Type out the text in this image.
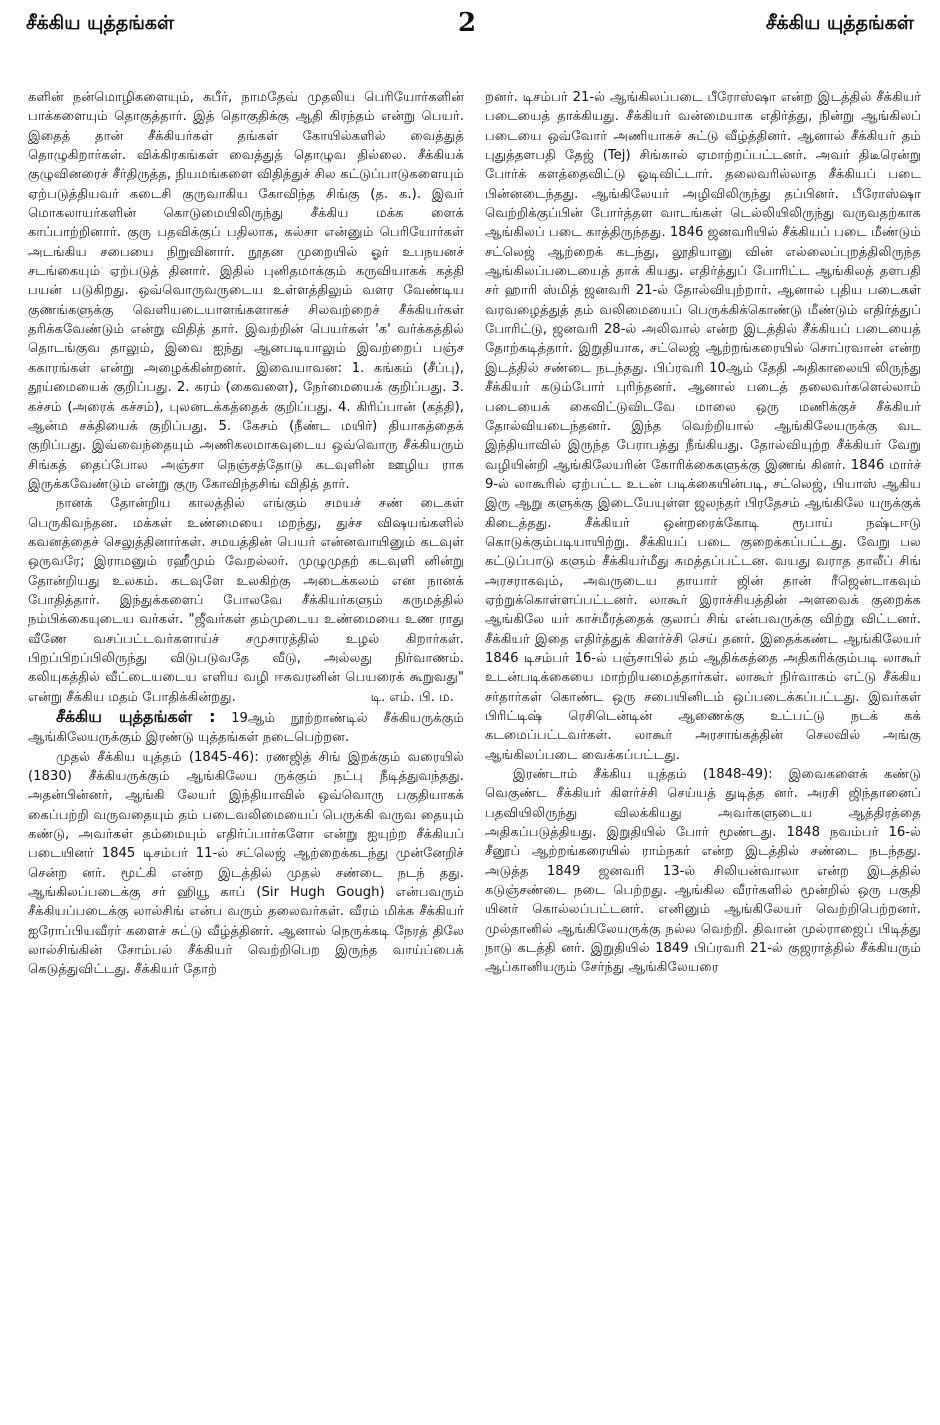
சீக்கிய யுத்தங்கள்	2	சீக்கிய யுத்தங்கள்

களின் நன்மொழிகளையும், கபீர், நாமதேவ் முதலிய பெரியோர்களின் பாக்களையும் தொகுத்தார். இத் தொகுதிக்கு ஆதி கிரந்தம் என்று பெயர். இதைத் தான் சீக்கியர்கள் தங்கள் கோயில்களில் வைத்துத் தொழுகிறார்கள். விக்கிரகங்கள் வைத்துத் தொழுவ தில்லை. சீக்கியக் குழுவினரைச் சீர்திருத்த, நியமங்களை விதித்துச் சில கட்டுப்பாடுகளையும் ஏற்படுத்தியவர் கடைசி குருவாகிய கோவிந்த சிங்கு (த. க.). இவர் மொகலாயர்களின் கொடுமையிலிருந்து சீக்கிய மக்க ளைக் காப்பாற்றினார். குரு பதவிக்குப் பதிலாக, கல்சா என்னும் பெரியோர்கள் அடங்கிய சபையை நிறுவினார். நூதன முறையில் ஓர் உபநயனச் சடங்கையும் ஏற்படுத் தினார். இதில் புனிதமாக்கும் கருவியாகக் கத்தி பயன் படுகிறது. ஒவ்வொருவருடைய உள்ளத்திலும் வளர வேண்டிய குணங்களுக்கு வெளியடையாளங்களாகச் சிலவற்றைச் சீக்கியர்கள் தரிக்கவேண்டும் என்று விதித் தார். இவற்றின் பெயர்கள் 'க' வர்க்கத்தில் தொடங்குவ தாலும், இவை ஐந்து ஆனபடியாலும் இவற்றைப் பஞ்ச ககாரங்கள் என்று அழைக்கின்றனர். இவையாவன: 1. கங்கம் (சீப்பு), தூய்மையைக் குறிப்பது. 2. கரம் (கைவளை), நேர்மையைக் குறிப்பது. 3. கச்சம் (அரைக் கச்சம்), புலனடக்கத்தைக் குறிப்பது. 4. கிரிப்பான் (கத்தி), ஆன்ம சக்தியைக் குறிப்பது. 5. கேசம் (நீண்ட மயிர்) தியாகத்தைக் குறிப்பது. இவ்வைந்தையும் அணிகலமாகவுடைய ஒவ்வொரு சீக்கியரும் சிங்கத் தைப்போல அஞ்சா நெஞ்சத்தோடு கடவுளின் ஊழிய ராக இருக்கவேண்டும் என்று குரு கோவிந்தசிங் விதித் தார்.

நானக் தோன்றிய காலத்தில் எங்கும் சமயச் சண் டைகள் பெருகிவந்தன. மக்கள் உண்மையை மறந்து, துச்ச விஷயங்களில் கவனத்தைச் செலுத்தினார்கள். சமயத்தின் பெயர் என்னவாயினும் கடவுள் ஒருவரே; இராமனும் ரஹீமும் வேறல்லர். முழுமுதற் கடவுளி னின்று தோன்றியது உலகம். கடவுளே உலகிற்கு அடைக்கலம் என நானக் போதித்தார். இந்துக்களைப் போலவே சீக்கியர்களும் கருமத்தில் நம்பிக்கையுடைய வர்கள். "ஜீவர்கள் தம்முடைய உண்மையை உண ராது வீணே வசப்பட்டவர்களாய்ச் சமுசாரத்தில் உழல் கிறார்கள். பிறப்பிறப்பிலிருந்து விடுபடுவதே வீடு, அல்லது நிர்வாணம். கலியுகத்தில் வீட்டையடைய எளிய வழி ஈசுவரனின் பெயரைக் கூறுவது" என்று சீக்கிய மதம் போதிக்கின்றது.	டி. எம். பி. ம.

சீக்கிய யுத்தங்கள் : 19ஆம் நூற்றாண்டில் சீக்கியருக்கும் ஆங்கிலேயருக்கும் இரண்டு யுத்தங்கள் நடைபெற்றன.

முதல் சீக்கிய யுத்தம் (1845-46): ரணஜித் சிங் இறக்கும் வரையில் (1830) சீக்கியருக்கும் ஆங்கிலேய ருக்கும் நட்பு நீடித்துவந்தது. அதன்பின்னர், ஆங்கி லேயர் இந்தியாவில் ஒவ்வொரு பகுதியாகக் கைப்பற்றி வருவதையும் தம் படைவலிமையைப் பெருக்கி வருவ தையும் கண்டு, அவர்கள் தம்மையும் எதிர்ப்பார்களோ என்று ஐயுற்ற சீக்கியப் படையினர் 1845 டிசம்பர் 11-ல் சட்லெஜ் ஆற்றைக்கடந்து முன்னேறிச் சென்ற னர். மூட்கி என்ற இடத்தில் முதல் சண்டை நடந் தது. ஆங்கிலப்படைக்கு சர் ஹியூ காப் (Sir Hugh Gough) என்பவரும் சீக்கியப்படைக்கு லால்சிங் என்ப வரும் தலைவர்கள். வீரம் மிக்க சீக்கியர் ஐரோப்பியவீரர் களைச் சுட்டு வீழ்த்தினர். ஆனால் நெருக்கடி நேரத் திலே லால்சிங்கின் சோம்பல் சீக்கியர் வெற்றிபெற இருந்த வாய்ப்பைக் கெடுத்துவிட்டது. சீக்கியர் தோற்

றனர். டிசம்பர் 21-ல் ஆங்கிலப்படை பீரோஸ்ஷா என்ற இடத்தில் சீக்கியர் படையைத் தாக்கியது. சீக்கியர் வன்மையாக எதிர்த்து, நின்று ஆங்கிலப் படையை ஒவ்வோர் அணியாகச் சுட்டு வீழ்த்தினர். ஆனால் சீக்கியர் தம் புதுத்தளபதி தேஜ் (Tej) சிங்கால் ஏமாற்றப்பட்டனர். அவர் திடீரென்று போர்க் களத்தைவிட்டு ஓடிவிட்டார். தலைவரில்லாத சீக்கியப் படை பின்னடைந்தது. ஆங்கிலேயர் அழிவிலிருந்து தப்பினர். பீரோஸ்ஷா வெற்றிக்குப்பின் போர்த்தள வாடங்கள் டெல்லியிலிருந்து வருவதற்காக ஆங்கிலப் படை காத்திருந்தது. 1846 ஜனவரியில் சீக்கியப் படை மீண்டும் சட்லெஜ் ஆற்றைக் கடந்து, லூதியானு வின் எல்லைப்புறத்திலிருந்த ஆங்கிலப்படையைத் தாக் கியது. எதிர்த்துப் போரிட்ட ஆங்கிலத் தளபதி சர் ஹாரி ஸ்மித் ஜனவரி 21-ல் தோல்வியுற்றார். ஆனால் புதிய படைகள் வரவழைத்துத் தம் வலிமையைப் பெருக்கிக்கொண்டு மீண்டும் எதிர்த்துப் போரிட்டு, ஜனவரி 28-ல் அலிவால் என்ற இடத்தில் சீக்கியப் படையைத் தோற்கடித்தார். இறுதியாக, சட்லெஜ் ஆற்றங்கரையில் சொப்ரவான் என்ற இடத்தில் சண்டை நடந்தது. பிப்ரவரி 10ஆம் தேதி அதிகாலையி லிருந்து சீக்கியர் கடும்போர் புரிந்தனர். ஆனால் படைத் தலைவர்களெல்லாம் படையைக் கைவிட்டுவிடவே மாலை ஒரு மணிக்குச் சீக்கியர் தோல்வியடைந்தனர். இந்த வெற்றியால் ஆங்கிலேயருக்கு வட இந்தியாவில் இருந்த பேராபத்து நீங்கியது. தோல்வியுற்ற சீக்கியர் வேறு வழியின்றி ஆங்கிலேயரின் கோரிக்கைகளுக்கு இணங் கினர். 1846 மார்ச் 9-ல் லாகூரில் ஏற்பட்ட உடன் படிக்கையின்படி, சட்லெஜ், பியாஸ் ஆகிய இரு ஆறு களுக்கு இடையேயுள்ள ஜலந்தர் பிரதேசம் ஆங்கிலே யருக்குக் கிடைத்தது. சீக்கியர் ஒன்றரைக்கோடி ரூபாய் நஷ்டஈடு கொடுக்கும்படியாயிற்று. சீக்கியப் படை குறைக்கப்பட்டது. வேறு பல கட்டுப்பாடு களும் சீக்கியர்மீது சுமத்தப்பட்டன. வயது வராத தாலீப் சிங் அரசராகவும், அவருடைய தாயார் ஜின் தான் ரீஜென்டாகவும் ஏற்றுக்கொள்ளப்பட்டனர். லாகூர் இராச்சியத்தின் அளவைக் குறைக்க ஆங்கிலே யர் காச்மீரத்தைக் குலாப் சிங் என்பவருக்கு விற்று விட்டனர். சீக்கியர் இதை எதிர்த்துக் கிளர்ச்சி செய் தனர். இதைக்கண்ட ஆங்கிலேயர் 1846 டிசம்பர் 16-ல் பஞ்சாபில் தம் ஆதிக்கத்தை அதிகரிக்கும்படி லாகூர் உடன்படிக்கையை மாற்றியமைத்தார்கள். லாகூர் நிர்வாகம் எட்டு சீக்கிய சர்தார்கள் கொண்ட ஒரு சபையினிடம் ஒப்படைக்கப்பட்டது. இவர்கள் பிரிட்டிஷ் ரெசிடென்டின் ஆணைக்கு உட்பட்டு நடக் கக் கடமைப்பட்டவர்கள். லாகூர் அரசாங்கத்தின் செலவில் அங்கு ஆங்கிலப்படை வைக்கப்பட்டது.

இரண்டாம் சீக்கிய யுத்தம் (1848-49): இவைகளைக் கண்டு வெகுண்ட சீக்கியர் கிளர்ச்சி செய்யத் துடித்த னர். அரசி ஜிந்தானைப் பதவியிலிருந்து விலக்கியது அவர்களுடைய ஆத்திரத்தை அதிகப்படுத்தியது. இறுதியில் போர் மூண்டது. 1848 நவம்பர் 16-ல் சீனூப் ஆற்றங்கரையில் ராம்நகர் என்ற இடத்தில் சண்டை நடந்தது. அடுத்த 1849 ஜனவரி 13-ல் சிலியன்வாலா என்ற இடத்தில் கடுஞ்சண்டை நடை பெற்றது. ஆங்கில வீரர்களில் மூன்றில் ஒரு பகுதி யினர் கொல்லப்பட்டனர். எனினும் ஆங்கிலேயர் வெற்றிபெற்றனர். முல்தானில் ஆங்கிலேயருக்கு நல்ல வெற்றி. திவான் முல்ராஜைப் பிடித்து நாடு கடத்தி னர். இறுதியில் 1849 பிப்ரவரி 21-ல் குஜராத்தில் சீக்கியரும் ஆப்கானியரும் சேர்ந்து ஆங்கிலேயரை
